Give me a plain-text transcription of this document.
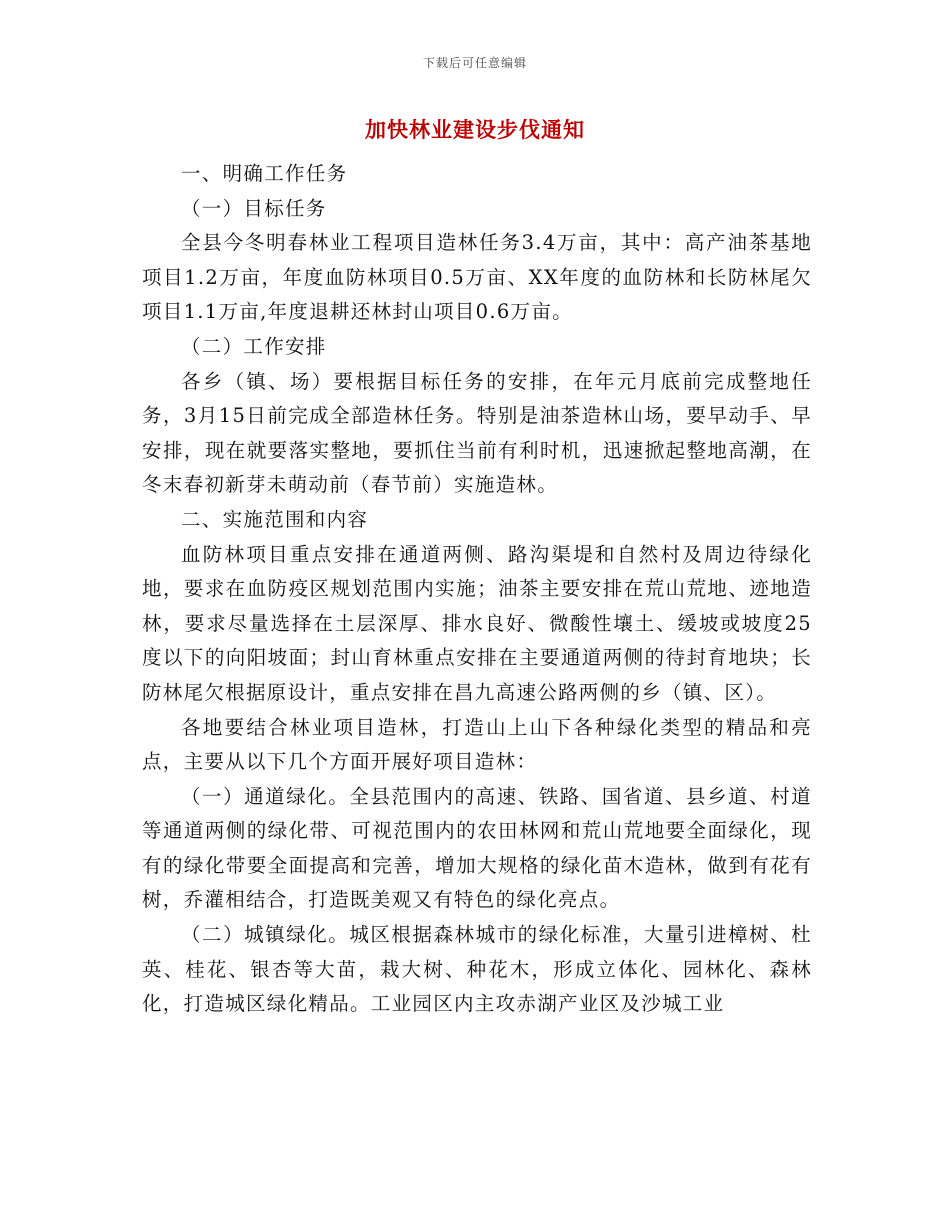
下载后可任意编辑
加快林业建设步伐通知

一、明确工作任务

（一）目标任务

全县今冬明春林业工程项目造林任务3.4万亩，其中：高产油茶基地项目1.2万亩，年度血防林项目0.5万亩、XX年度的血防林和长防林尾欠项目1.1万亩,年度退耕还林封山项目0.6万亩。

（二）工作安排

各乡（镇、场）要根据目标任务的安排，在年元月底前完成整地任务，3月15日前完成全部造林任务。特别是油茶造林山场，要早动手、早安排，现在就要落实整地，要抓住当前有利时机，迅速掀起整地高潮，在冬末春初新芽未萌动前（春节前）实施造林。

二、实施范围和内容

血防林项目重点安排在通道两侧、路沟渠堤和自然村及周边待绿化地，要求在血防疫区规划范围内实施；油茶主要安排在荒山荒地、迹地造林，要求尽量选择在土层深厚、排水良好、微酸性壤土、缓坡或坡度25度以下的向阳坡面；封山育林重点安排在主要通道两侧的待封育地块；长防林尾欠根据原设计，重点安排在昌九高速公路两侧的乡（镇、区）。

各地要结合林业项目造林，打造山上山下各种绿化类型的精品和亮点，主要从以下几个方面开展好项目造林：

（一）通道绿化。全县范围内的高速、铁路、国省道、县乡道、村道等通道两侧的绿化带、可视范围内的农田林网和荒山荒地要全面绿化，现有的绿化带要全面提高和完善，增加大规格的绿化苗木造林，做到有花有树，乔灌相结合，打造既美观又有特色的绿化亮点。

（二）城镇绿化。城区根据森林城市的绿化标准，大量引进樟树、杜英、桂花、银杏等大苗，栽大树、种花木，形成立体化、园林化、森林化，打造城区绿化精品。工业园区内主攻赤湖产业区及沙城工业
